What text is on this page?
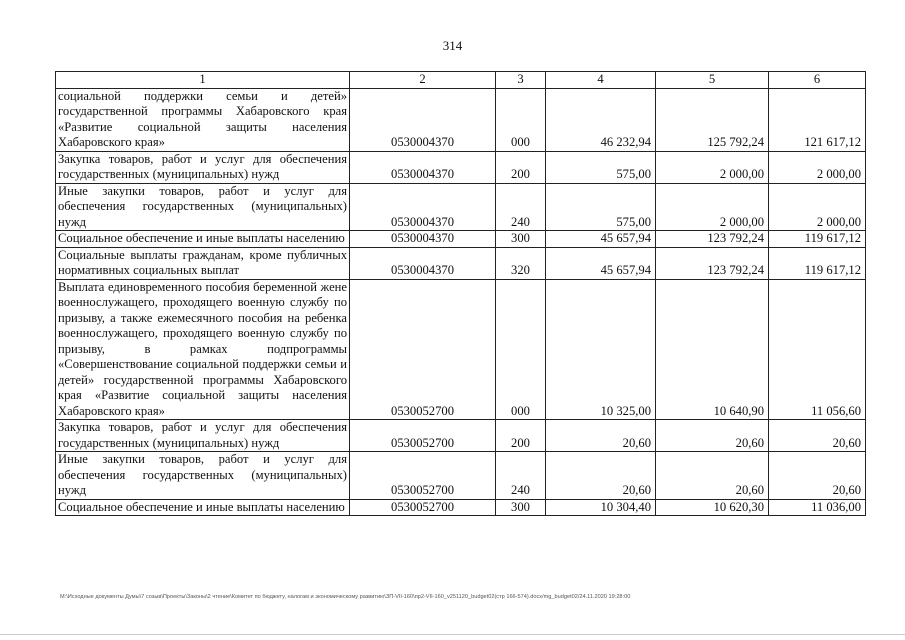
314
1	2	3	4	5	6
социальной поддержки семьи и детей» государственной программы Хабаровского края «Развитие социальной защиты населения Хабаровского края»	0530004370	000	46 232,94	125 792,24	121 617,12
Закупка товаров, работ и услуг для обеспечения государственных (муниципальных) нужд	0530004370	200	575,00	2 000,00	2 000,00
Иные закупки товаров, работ и услуг для обеспечения государственных (муниципальных) нужд	0530004370	240	575,00	2 000,00	2 000,00
Социальное обеспечение и иные выплаты населению	0530004370	300	45 657,94	123 792,24	119 617,12
Социальные выплаты гражданам, кроме публичных нормативных социальных выплат	0530004370	320	45 657,94	123 792,24	119 617,12
Выплата единовременного пособия беременной жене военнослужащего, проходящего военную службу по призыву, а также ежемесячного пособия на ребенка военнослужащего, проходящего военную службу по призыву, в рамках подпрограммы «Совершенствование социальной поддержки семьи и детей» государственной программы Хабаровского края «Развитие социальной защиты населения Хабаровского края»	0530052700	000	10 325,00	10 640,90	11 056,60
Закупка товаров, работ и услуг для обеспечения государственных (муниципальных) нужд	0530052700	200	20,60	20,60	20,60
Иные закупки товаров, работ и услуг для обеспечения государственных (муниципальных) нужд	0530052700	240	20,60	20,60	20,60
Социальное обеспечение и иные выплаты населению	0530052700	300	10 304,40	10 620,30	11 036,00
M:\Исходные документы Думы\7 созыв\Проекты\Законы\2 чтение\Комитет по бюджету, налогам и экономическому развитию\ЗП-VII-160\пр2-VII-160_v251120_budget02(стр 166-574).docx/mg_budget02/24.11.2020 19:28:00
